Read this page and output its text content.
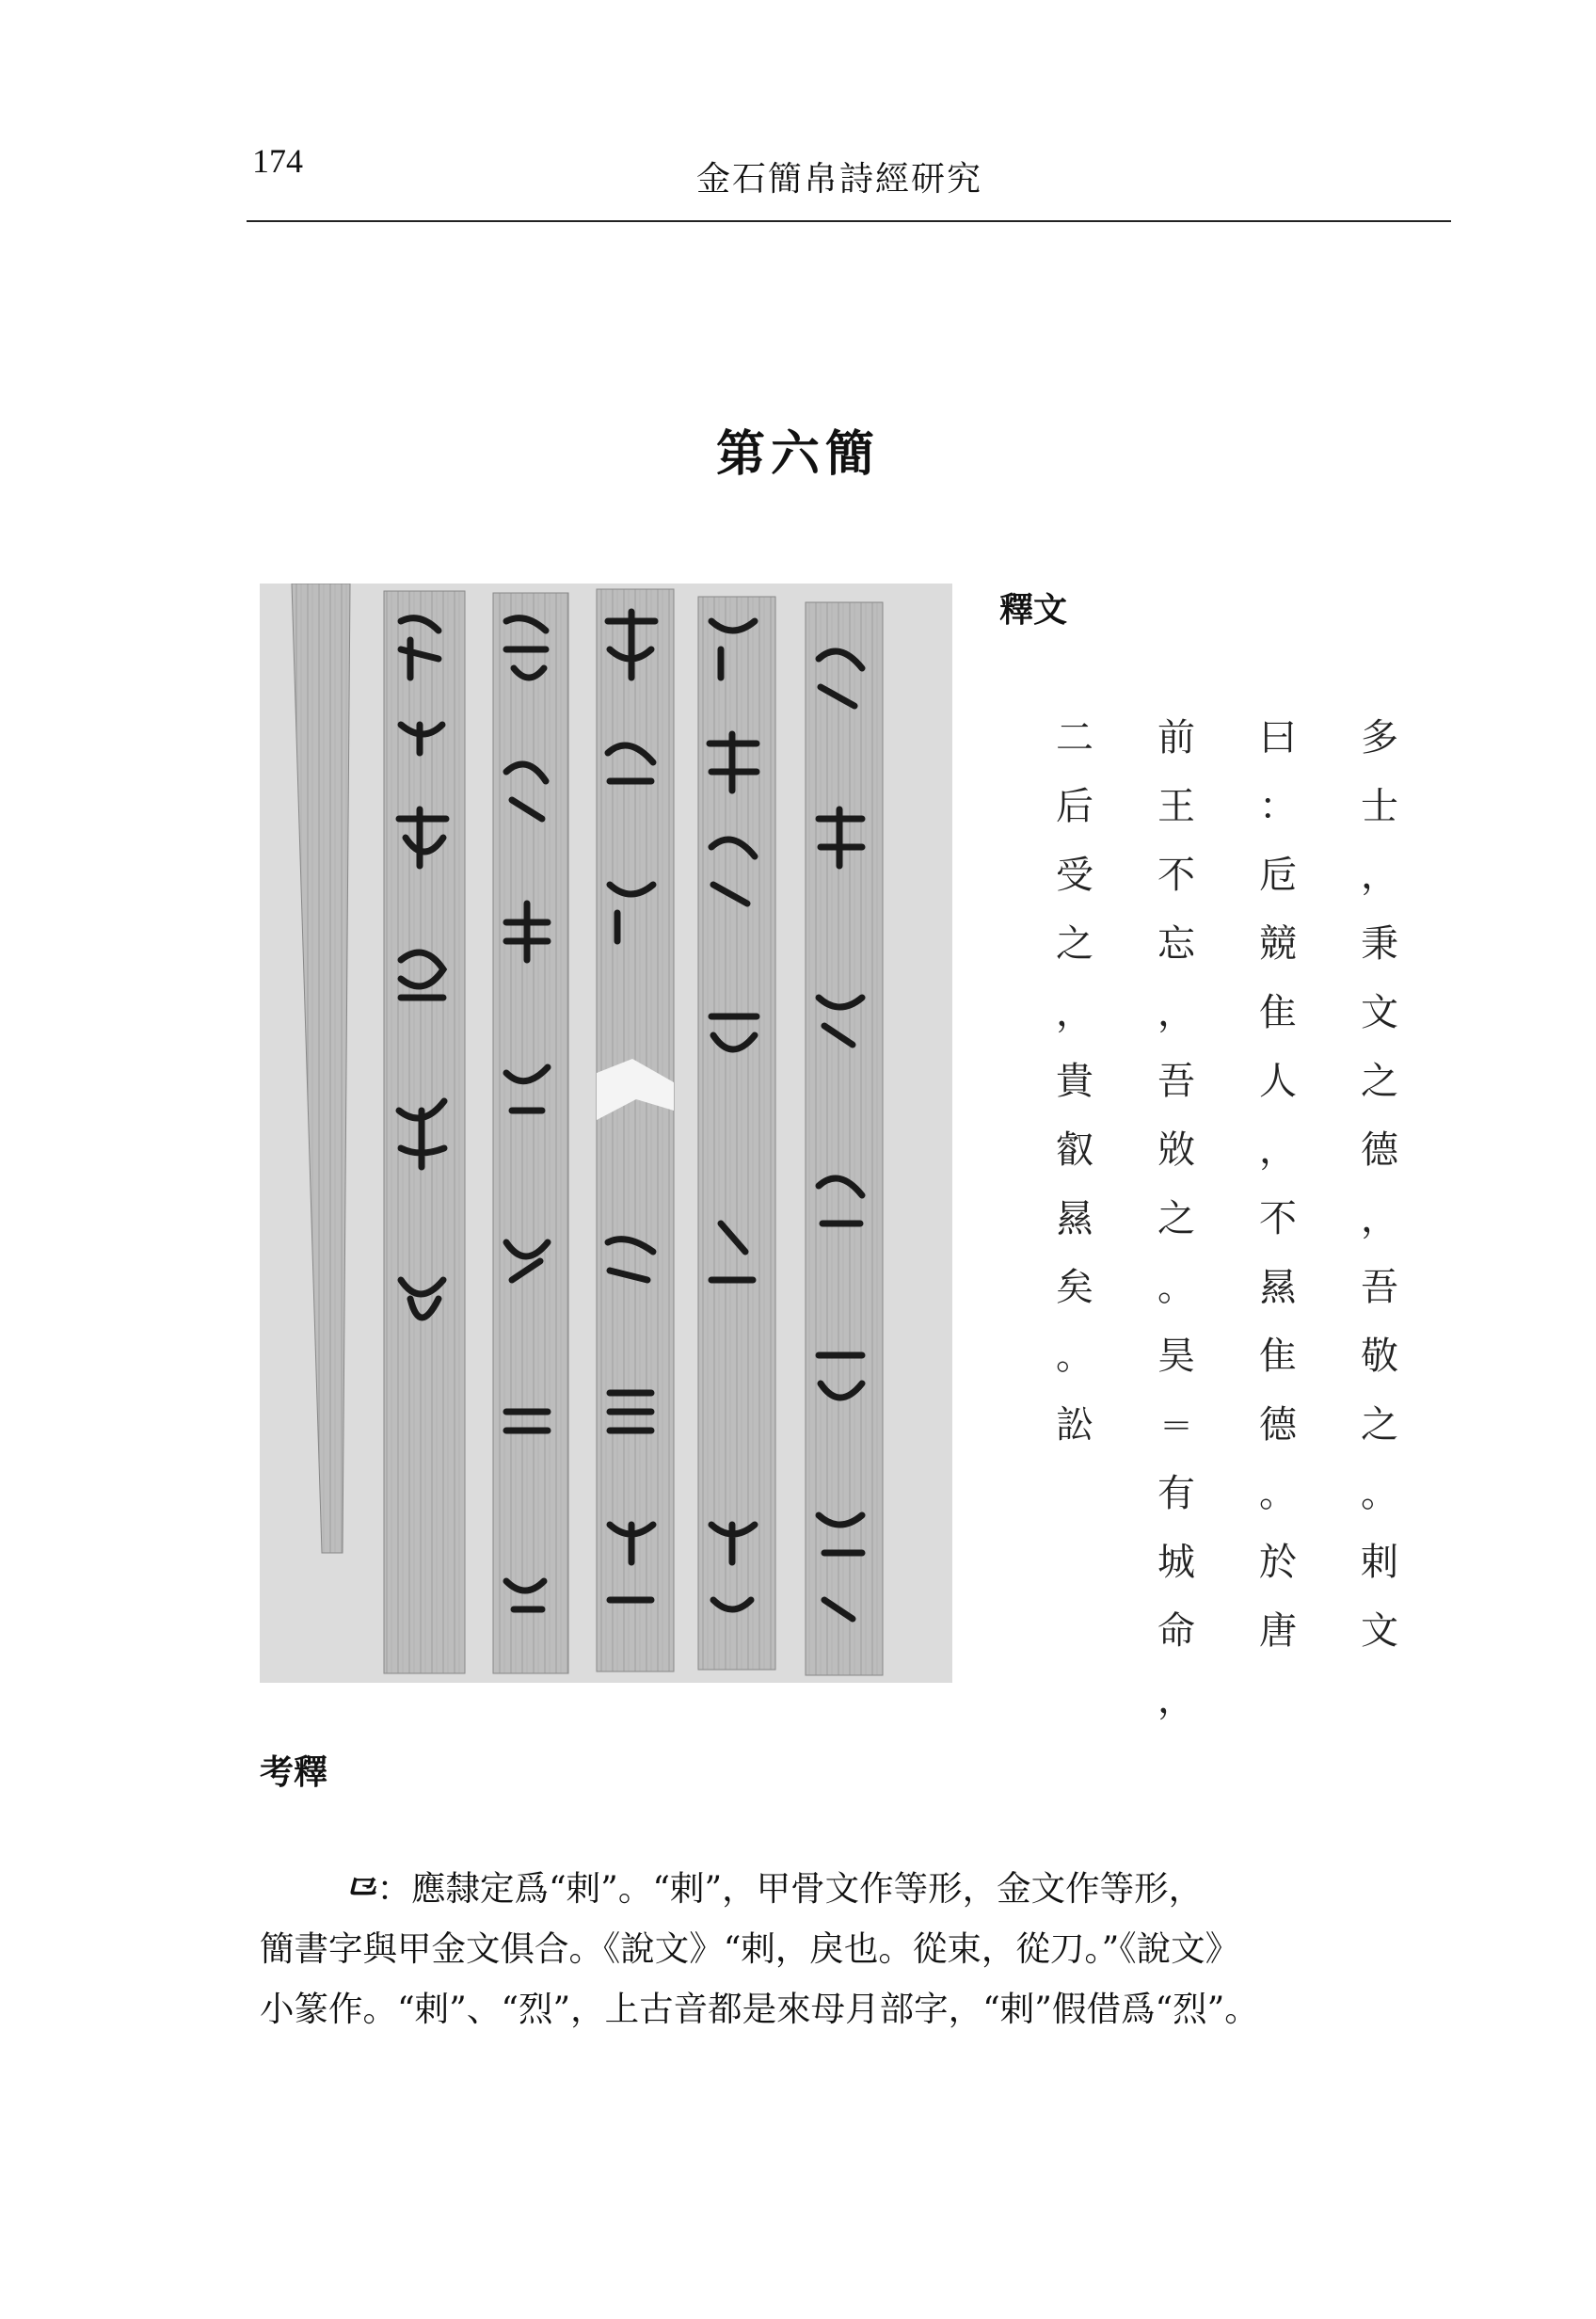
174	金石簡帛詩經研究
第六簡
釋文
多
士
，
秉
文
之
德
，
吾
敬
之
。
剌
文
曰
：
卮
競
隹
人
，
不
㬎
隹
德
。
於
唐
前
王
不
忘
，
吾
敚
之
。
昊
=
有
城
命
，
二
后
受
之
，
貴
叡
㬎
矣
。
訟
考釋
⺋：應隸定爲“剌”。“剌”，甲骨文作等形，金文作等形，
簡書字與甲金文俱合。《說文》“剌，戾也。從束，從刀。”《說文》
小篆作。“剌”、“烈”，上古音都是來母月部字，“剌”假借爲“烈”。
